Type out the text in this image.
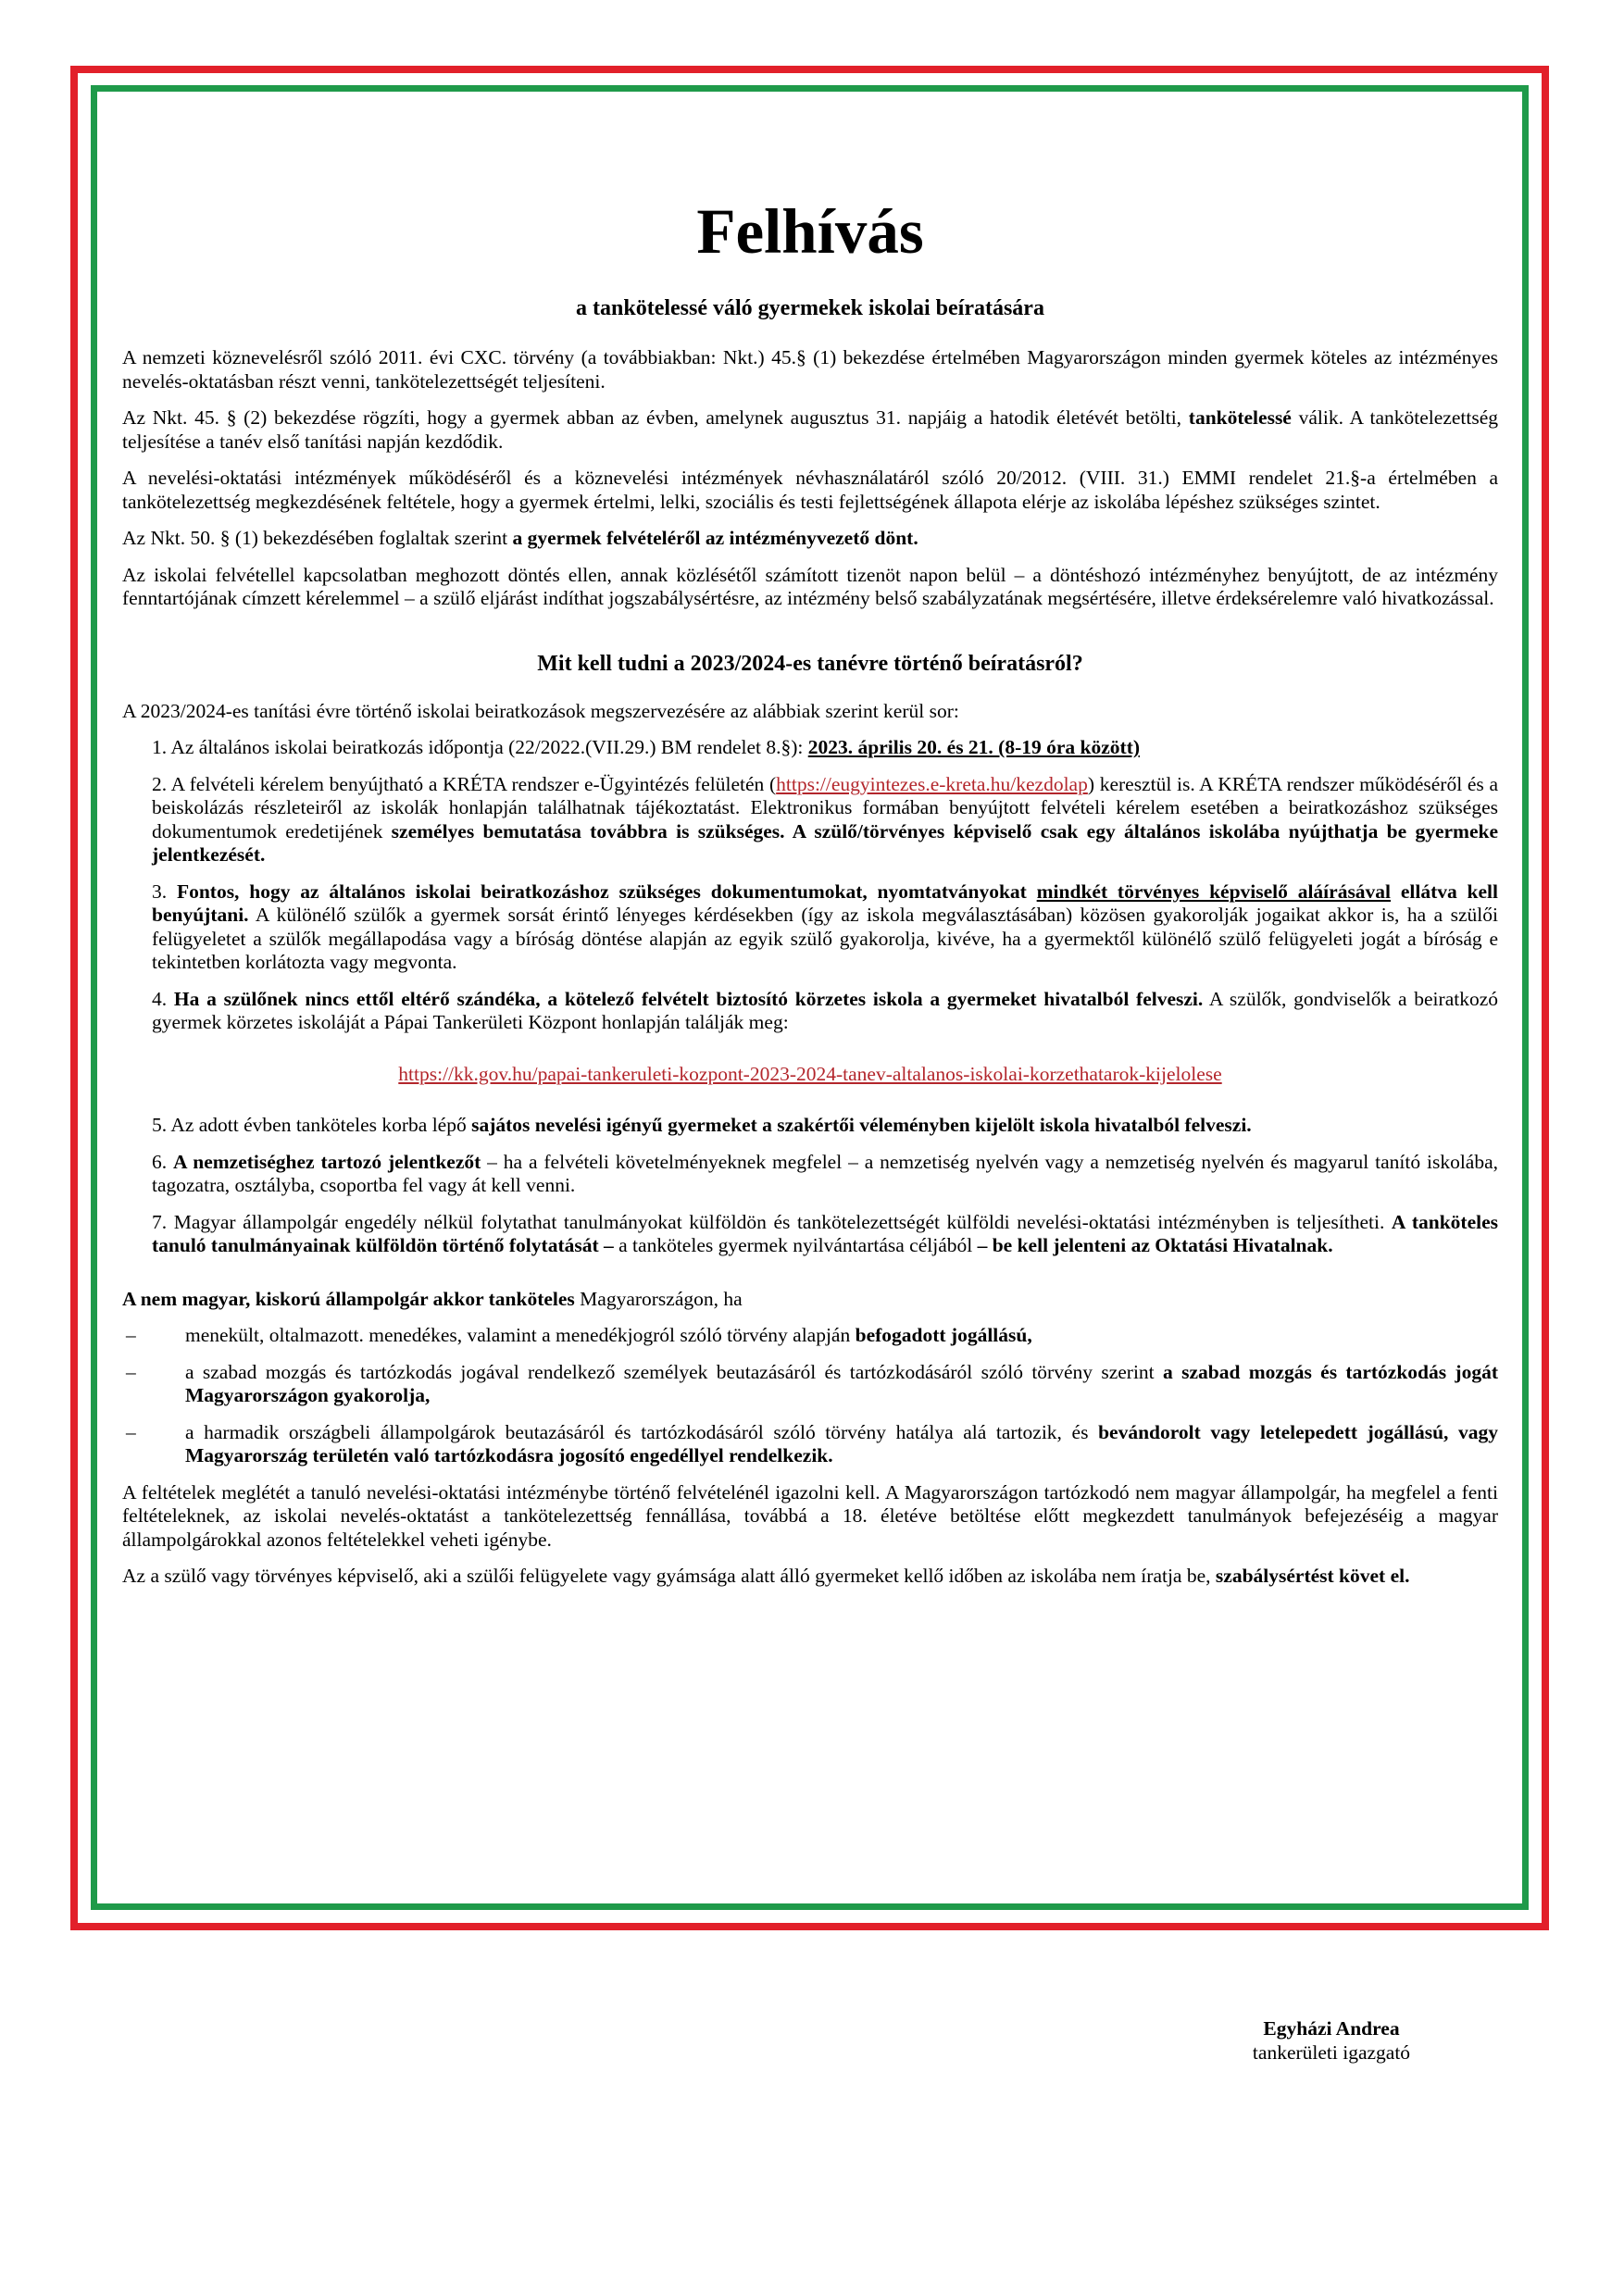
Felhívás
a tankötelessé váló gyermekek iskolai beíratására

A nemzeti köznevelésről szóló 2011. évi CXC. törvény (a továbbiakban: Nkt.) 45.§ (1) bekezdése értelmében Magyarországon minden gyermek köteles az intézményes nevelés-oktatásban részt venni, tankötelezettségét teljesíteni.

Az Nkt. 45. § (2) bekezdése rögzíti, hogy a gyermek abban az évben, amelynek augusztus 31. napjáig a hatodik életévét betölti, tankötelessé válik. A tankötelezettség teljesítése a tanév első tanítási napján kezdődik.

A nevelési-oktatási intézmények működéséről és a köznevelési intézmények névhasználatáról szóló 20/2012. (VIII. 31.) EMMI rendelet 21.§-a értelmében a tankötelezettség megkezdésének feltétele, hogy a gyermek értelmi, lelki, szociális és testi fejlettségének állapota elérje az iskolába lépéshez szükséges szintet.

Az Nkt. 50. § (1) bekezdésében foglaltak szerint a gyermek felvételéről az intézményvezető dönt.

Az iskolai felvétellel kapcsolatban meghozott döntés ellen, annak közlésétől számított tizenöt napon belül – a döntéshozó intézményhez benyújtott, de az intézmény fenntartójának címzett kérelemmel – a szülő eljárást indíthat jogszabálysértésre, az intézmény belső szabályzatának megsértésére, illetve érdeksérelemre való hivatkozással.

Mit kell tudni a 2023/2024-es tanévre történő beíratásról?

A 2023/2024-es tanítási évre történő iskolai beiratkozások megszervezésére az alábbiak szerint kerül sor:

1. Az általános iskolai beiratkozás időpontja (22/2022.(VII.29.) BM rendelet 8.§): 2023. április 20. és 21. (8-19 óra között)

2. A felvételi kérelem benyújtható a KRÉTA rendszer e-Ügyintézés felületén (https://eugyintezes.e-kreta.hu/kezdolap) keresztül is. A KRÉTA rendszer működéséről és a beiskolázás részleteiről az iskolák honlapján találhatnak tájékoztatást. Elektronikus formában benyújtott felvételi kérelem esetében a beiratkozáshoz szükséges dokumentumok eredetijének személyes bemutatása továbbra is szükséges. A szülő/törvényes képviselő csak egy általános iskolába nyújthatja be gyermeke jelentkezését.

3. Fontos, hogy az általános iskolai beiratkozáshoz szükséges dokumentumokat, nyomtatványokat mindkét törvényes képviselő aláírásával ellátva kell benyújtani. A különélő szülők a gyermek sorsát érintő lényeges kérdésekben (így az iskola megválasztásában) közösen gyakorolják jogaikat akkor is, ha a szülői felügyeletet a szülők megállapodása vagy a bíróság döntése alapján az egyik szülő gyakorolja, kivéve, ha a gyermektől különélő szülő felügyeleti jogát a bíróság e tekintetben korlátozta vagy megvonta.

4. Ha a szülőnek nincs ettől eltérő szándéka, a kötelező felvételt biztosító körzetes iskola a gyermeket hivatalból felveszi. A szülők, gondviselők a beiratkozó gyermek körzetes iskoláját a Pápai Tankerületi Központ honlapján találják meg:

https://kk.gov.hu/papai-tankeruleti-kozpont-2023-2024-tanev-altalanos-iskolai-korzethatarok-kijelolese

5. Az adott évben tanköteles korba lépő sajátos nevelési igényű gyermeket a szakértői véleményben kijelölt iskola hivatalból felveszi.

6. A nemzetiséghez tartozó jelentkezőt – ha a felvételi követelményeknek megfelel – a nemzetiség nyelvén vagy a nemzetiség nyelvén és magyarul tanító iskolába, tagozatra, osztályba, csoportba fel vagy át kell venni.

7. Magyar állampolgár engedély nélkül folytathat tanulmányokat külföldön és tankötelezettségét külföldi nevelési-oktatási intézményben is teljesítheti. A tanköteles tanuló tanulmányainak külföldön történő folytatását – a tanköteles gyermek nyilvántartása céljából – be kell jelenteni az Oktatási Hivatalnak.

A nem magyar, kiskorú állampolgár akkor tanköteles Magyarországon, ha

–	menekült, oltalmazott. menedékes, valamint a menedékjogról szóló törvény alapján befogadott jogállású,

–	a szabad mozgás és tartózkodás jogával rendelkező személyek beutazásáról és tartózkodásáról szóló törvény szerint a szabad mozgás és tartózkodás jogát Magyarországon gyakorolja,

–	a harmadik országbeli állampolgárok beutazásáról és tartózkodásáról szóló törvény hatálya alá tartozik, és bevándorolt vagy letelepedett jogállású, vagy Magyarország területén való tartózkodásra jogosító engedéllyel rendelkezik.

A feltételek meglétét a tanuló nevelési-oktatási intézménybe történő felvételénél igazolni kell. A Magyarországon tartózkodó nem magyar állampolgár, ha megfelel a fenti feltételeknek, az iskolai nevelés-oktatást a tankötelezettség fennállása, továbbá a 18. életéve betöltése előtt megkezdett tanulmányok befejezéséig a magyar állampolgárokkal azonos feltételekkel veheti igénybe.

Az a szülő vagy törvényes képviselő, aki a szülői felügyelete vagy gyámsága alatt álló gyermeket kellő időben az iskolába nem íratja be, szabálysértést követ el.

Egyházi Andrea
tankerületi igazgató
